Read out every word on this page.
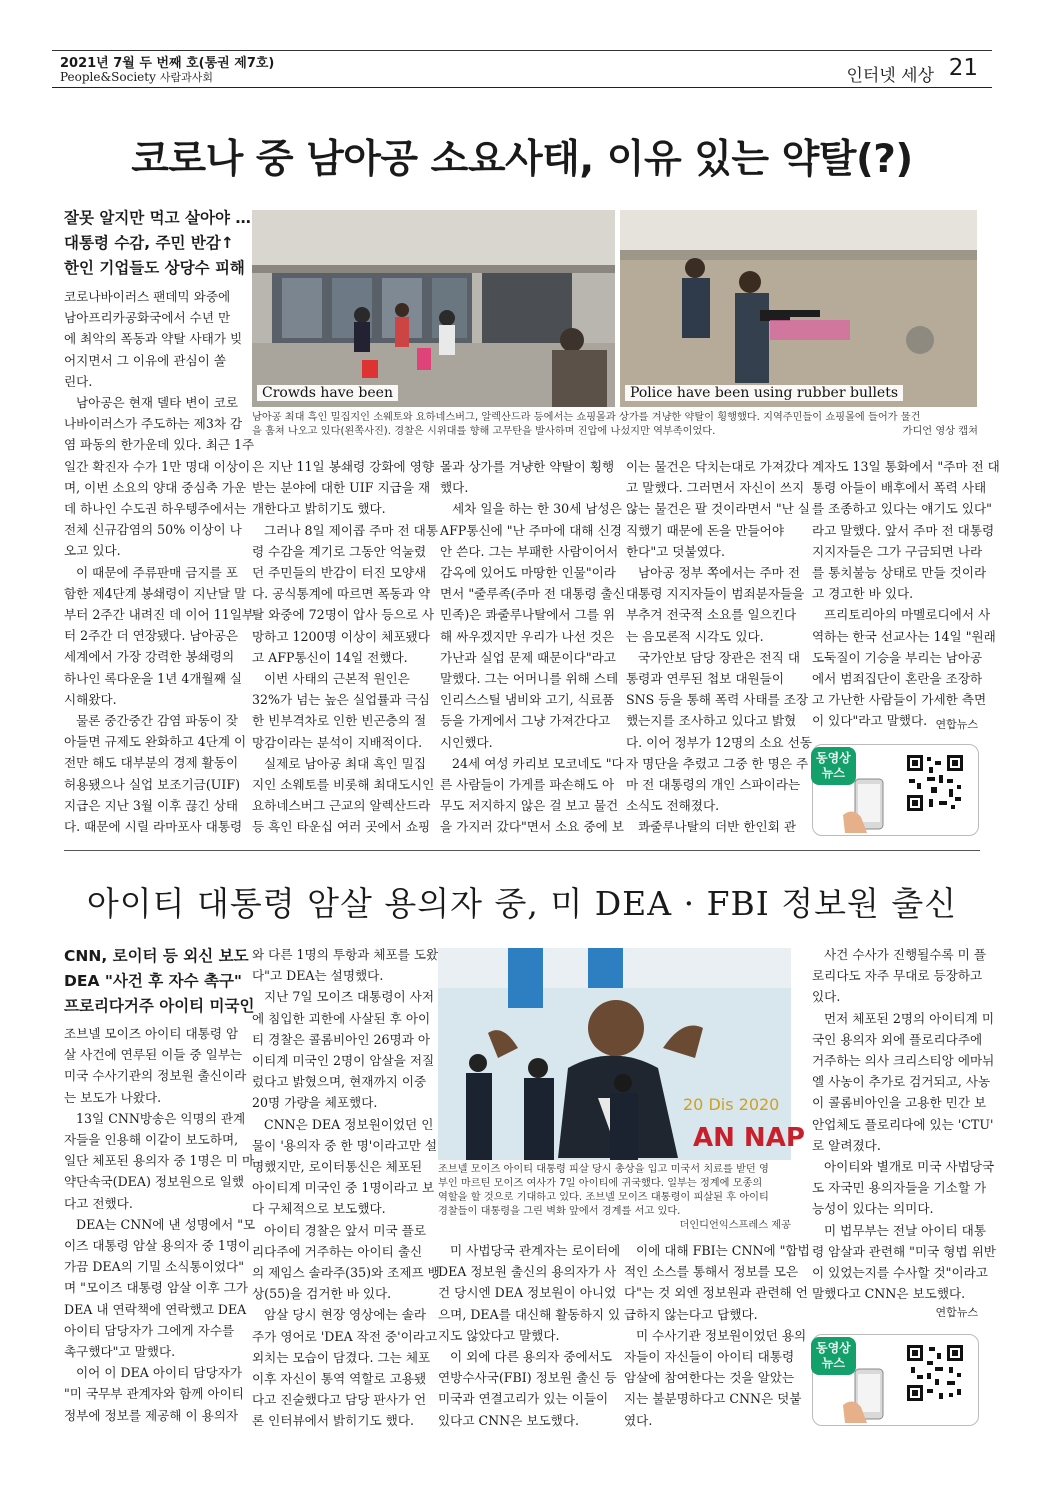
2021년 7월 두 번째 호(통권 제7호)
People&Society 사람과사회	인터넷 세상 21
코로나 중 남아공 소요사태, 이유 있는 약탈(?)
잘못 알지만 먹고 살아야 …
대통령 수감, 주민 반감↑
한인 기업들도 상당수 피해
Crowds have been	Police have been using rubber bullets
남아공 최대 흑인 밀집지인 소웨토와 요하네스버그, 알렉산드라 등에서는 쇼핑몰과 상가를 겨냥한 약탈이 횡행했다. 지역주민들이 쇼핑몰에 들어가 물건
을 훔쳐 나오고 있다(왼쪽사진). 경찰은 시위대를 향해 고무탄을 발사하며 진압에 나섰지만 역부족이었다.	가디언 영상 캡쳐

코로나바이러스 팬데믹 와중에

남아프리카공화국에서 수년 만

에 최악의 폭동과 약탈 사태가 빚

어지면서 그 이유에 관심이 쏠

린다.

남아공은 현재 델타 변이 코로

나바이러스가 주도하는 제3차 감

염 파동의 한가운데 있다. 최근 1주

일간 확진자 수가 1만 명대 이상이

며, 이번 소요의 양대 중심축 가운

데 하나인 수도권 하우텡주에서는

전체 신규감염의 50% 이상이 나

오고 있다.

이 때문에 주류판매 금지를 포

함한 제4단계 봉쇄령이 지난달 말

부터 2주간 내려진 데 이어 11일부

터 2주간 더 연장됐다. 남아공은

세계에서 가장 강력한 봉쇄령의

하나인 록다운을 1년 4개월째 실

시해왔다.

물론 중간중간 감염 파동이 잦

아들면 규제도 완화하고 4단계 이

전만 해도 대부분의 경제 활동이

허용됐으나 실업 보조기금(UIF)

지급은 지난 3월 이후 끊긴 상태

다. 때문에 시릴 라마포사 대통령

은 지난 11일 봉쇄령 강화에 영향

받는 분야에 대한 UIF 지급을 재

개한다고 밝히기도 했다.

그러나 8일 제이콥 주마 전 대통

령 수감을 계기로 그동안 억눌렸

던 주민들의 반감이 터진 모양새

다. 공식통계에 따르면 폭동과 약

탈 와중에 72명이 압사 등으로 사

망하고 1200명 이상이 체포됐다

고 AFP통신이 14일 전했다.

이번 사태의 근본적 원인은

32%가 넘는 높은 실업률과 극심

한 빈부격차로 인한 빈곤층의 절

망감이라는 분석이 지배적이다.

실제로 남아공 최대 흑인 밀집

지인 소웨토를 비롯해 최대도시인

요하네스버그 근교의 알렉산드라

등 흑인 타운십 여러 곳에서 쇼핑

몰과 상가를 겨냥한 약탈이 횡행

했다.

세차 일을 하는 한 30세 남성은

AFP통신에 "난 주마에 대해 신경

안 쓴다. 그는 부패한 사람이어서

감옥에 있어도 마땅한 인물"이라

면서 "줄루족(주마 전 대통령 출신

민족)은 콰줄루나탈에서 그를 위

해 싸우겠지만 우리가 나선 것은

가난과 실업 문제 때문이다"라고

말했다. 그는 어머니를 위해 스테

인리스스틸 냄비와 고기, 식료품

등을 가게에서 그냥 가져간다고

시인했다.

24세 여성 카리보 모코네도 "다

른 사람들이 가게를 파손해도 아

무도 저지하지 않은 걸 보고 물건

을 가지러 갔다"면서 소요 중에 보

이는 물건은 닥치는대로 가져갔다

고 말했다. 그러면서 자신이 쓰지

않는 물건은 팔 것이라면서 "난 실

직했기 때문에 돈을 만들어야

한다"고 덧붙였다.

남아공 정부 쪽에서는 주마 전

대통령 지지자들이 범죄분자들을

부추겨 전국적 소요를 일으킨다

는 음모론적 시각도 있다.

국가안보 담당 장관은 전직 대

통령과 연루된 첩보 대원들이

SNS 등을 통해 폭력 사태를 조장

했는지를 조사하고 있다고 밝혔

다. 이어 정부가 12명의 소요 선동

자 명단을 추렸고 그중 한 명은 주

마 전 대통령의 개인 스파이라는

소식도 전해졌다.

콰줄루나탈의 더반 한인회 관

계자도 13일 통화에서 "주마 전 대

통령 아들이 배후에서 폭력 사태

를 조종하고 있다는 얘기도 있다"

라고 말했다. 앞서 주마 전 대통령

지지자들은 그가 구금되면 나라

를 통치불능 상태로 만들 것이라

고 경고한 바 있다.

프리토리아의 마멜로디에서 사

역하는 한국 선교사는 14일 "원래

도둑질이 기승을 부리는 남아공

에서 범죄집단이 혼란을 조장하

고 가난한 사람들이 가세한 측면

이 있다"라고 말했다. 연합뉴스
동영상
뉴스
아이티 대통령 암살 용의자 중, 미 DEA · FBI 정보원 출신
CNN, 로이터 등 외신 보도
DEA "사건 후 자수 촉구"
프로리다거주 아이티 미국인

조브넬 모이즈 아이티 대통령 암

살 사건에 연루된 이들 중 일부는

미국 수사기관의 정보원 출신이라

는 보도가 나왔다.

13일 CNN방송은 익명의 관계

자들을 인용해 이같이 보도하며,

일단 체포된 용의자 중 1명은 미 마

약단속국(DEA) 정보원으로 일했

다고 전했다.

DEA는 CNN에 낸 성명에서 "모

이즈 대통령 암살 용의자 중 1명이

가끔 DEA의 기밀 소식통이었다"

며 "모이즈 대통령 암살 이후 그가

DEA 내 연락책에 연락했고 DEA

아이티 담당자가 그에게 자수를

촉구했다"고 말했다.

이어 이 DEA 아이티 담당자가

"미 국무부 관계자와 함께 아이티

정부에 정보를 제공해 이 용의자

와 다른 1명의 투항과 체포를 도왔

다"고 DEA는 설명했다.

지난 7일 모이즈 대통령이 사저

에 침입한 괴한에 사살된 후 아이

티 경찰은 콜롬비아인 26명과 아

이티계 미국인 2명이 암살을 저질

렀다고 밝혔으며, 현재까지 이중

20명 가량을 체포했다.

CNN은 DEA 정보원이었던 인

물이 '용의자 중 한 명'이라고만 설

명했지만, 로이터통신은 체포된

아이티계 미국인 중 1명이라고 보

다 구체적으로 보도했다.

아이티 경찰은 앞서 미국 플로

리다주에 거주하는 아이티 출신

의 제임스 솔라주(35)와 조제프 뱅

상(55)을 검거한 바 있다.

암살 당시 현장 영상에는 솔라

주가 영어로 'DEA 작전 중'이라고

외치는 모습이 담겼다. 그는 체포

이후 자신이 통역 역할로 고용됐

다고 진술했다고 담당 판사가 언

론 인터뷰에서 밝히기도 했다.

20 Dis 2020
AN NAP
조브넬 모이즈 아이티 대통령 피살 당시 총상을 입고 미국서 치료를 받던 영
부인 마르틴 모이즈 여사가 7일 아이티에 귀국했다. 일부는 정계에 모종의
역할을 할 것으로 기대하고 있다. 조브넬 모이즈 대통령이 피살된 후 아이티
경찰들이 대통령을 그린 벽화 앞에서 경계를 서고 있다.
더인디언익스프레스 제공

미 사법당국 관계자는 로이터에

DEA 정보원 출신의 용의자가 사

건 당시엔 DEA 정보원이 아니었

으며, DEA를 대신해 활동하지 있

지도 않았다고 말했다.

이 외에 다른 용의자 중에서도

연방수사국(FBI) 정보원 출신 등

미국과 연결고리가 있는 이들이

있다고 CNN은 보도했다.

이에 대해 FBI는 CNN에 "합법

적인 소스를 통해서 정보를 모은

다"는 것 외엔 정보원과 관련해 언

급하지 않는다고 답했다.

미 수사기관 정보원이었던 용의

자들이 자신들이 아이티 대통령

암살에 참여한다는 것을 알았는

지는 불분명하다고 CNN은 덧붙

였다.

사건 수사가 진행될수록 미 플

로리다도 자주 무대로 등장하고

있다.

먼저 체포된 2명의 아이티계 미

국인 용의자 외에 플로리다주에

거주하는 의사 크리스티앙 에마뉘

엘 사농이 추가로 검거되고, 사농

이 콜롬비아인을 고용한 민간 보

안업체도 플로리다에 있는 'CTU'

로 알려졌다.

아이티와 별개로 미국 사법당국

도 자국민 용의자들을 기소할 가

능성이 있다는 의미다.

미 법무부는 전날 아이티 대통

령 암살과 관련해 "미국 형법 위반

이 있었는지를 수사할 것"이라고

말했다고 CNN은 보도했다.

연합뉴스
동영상
뉴스
